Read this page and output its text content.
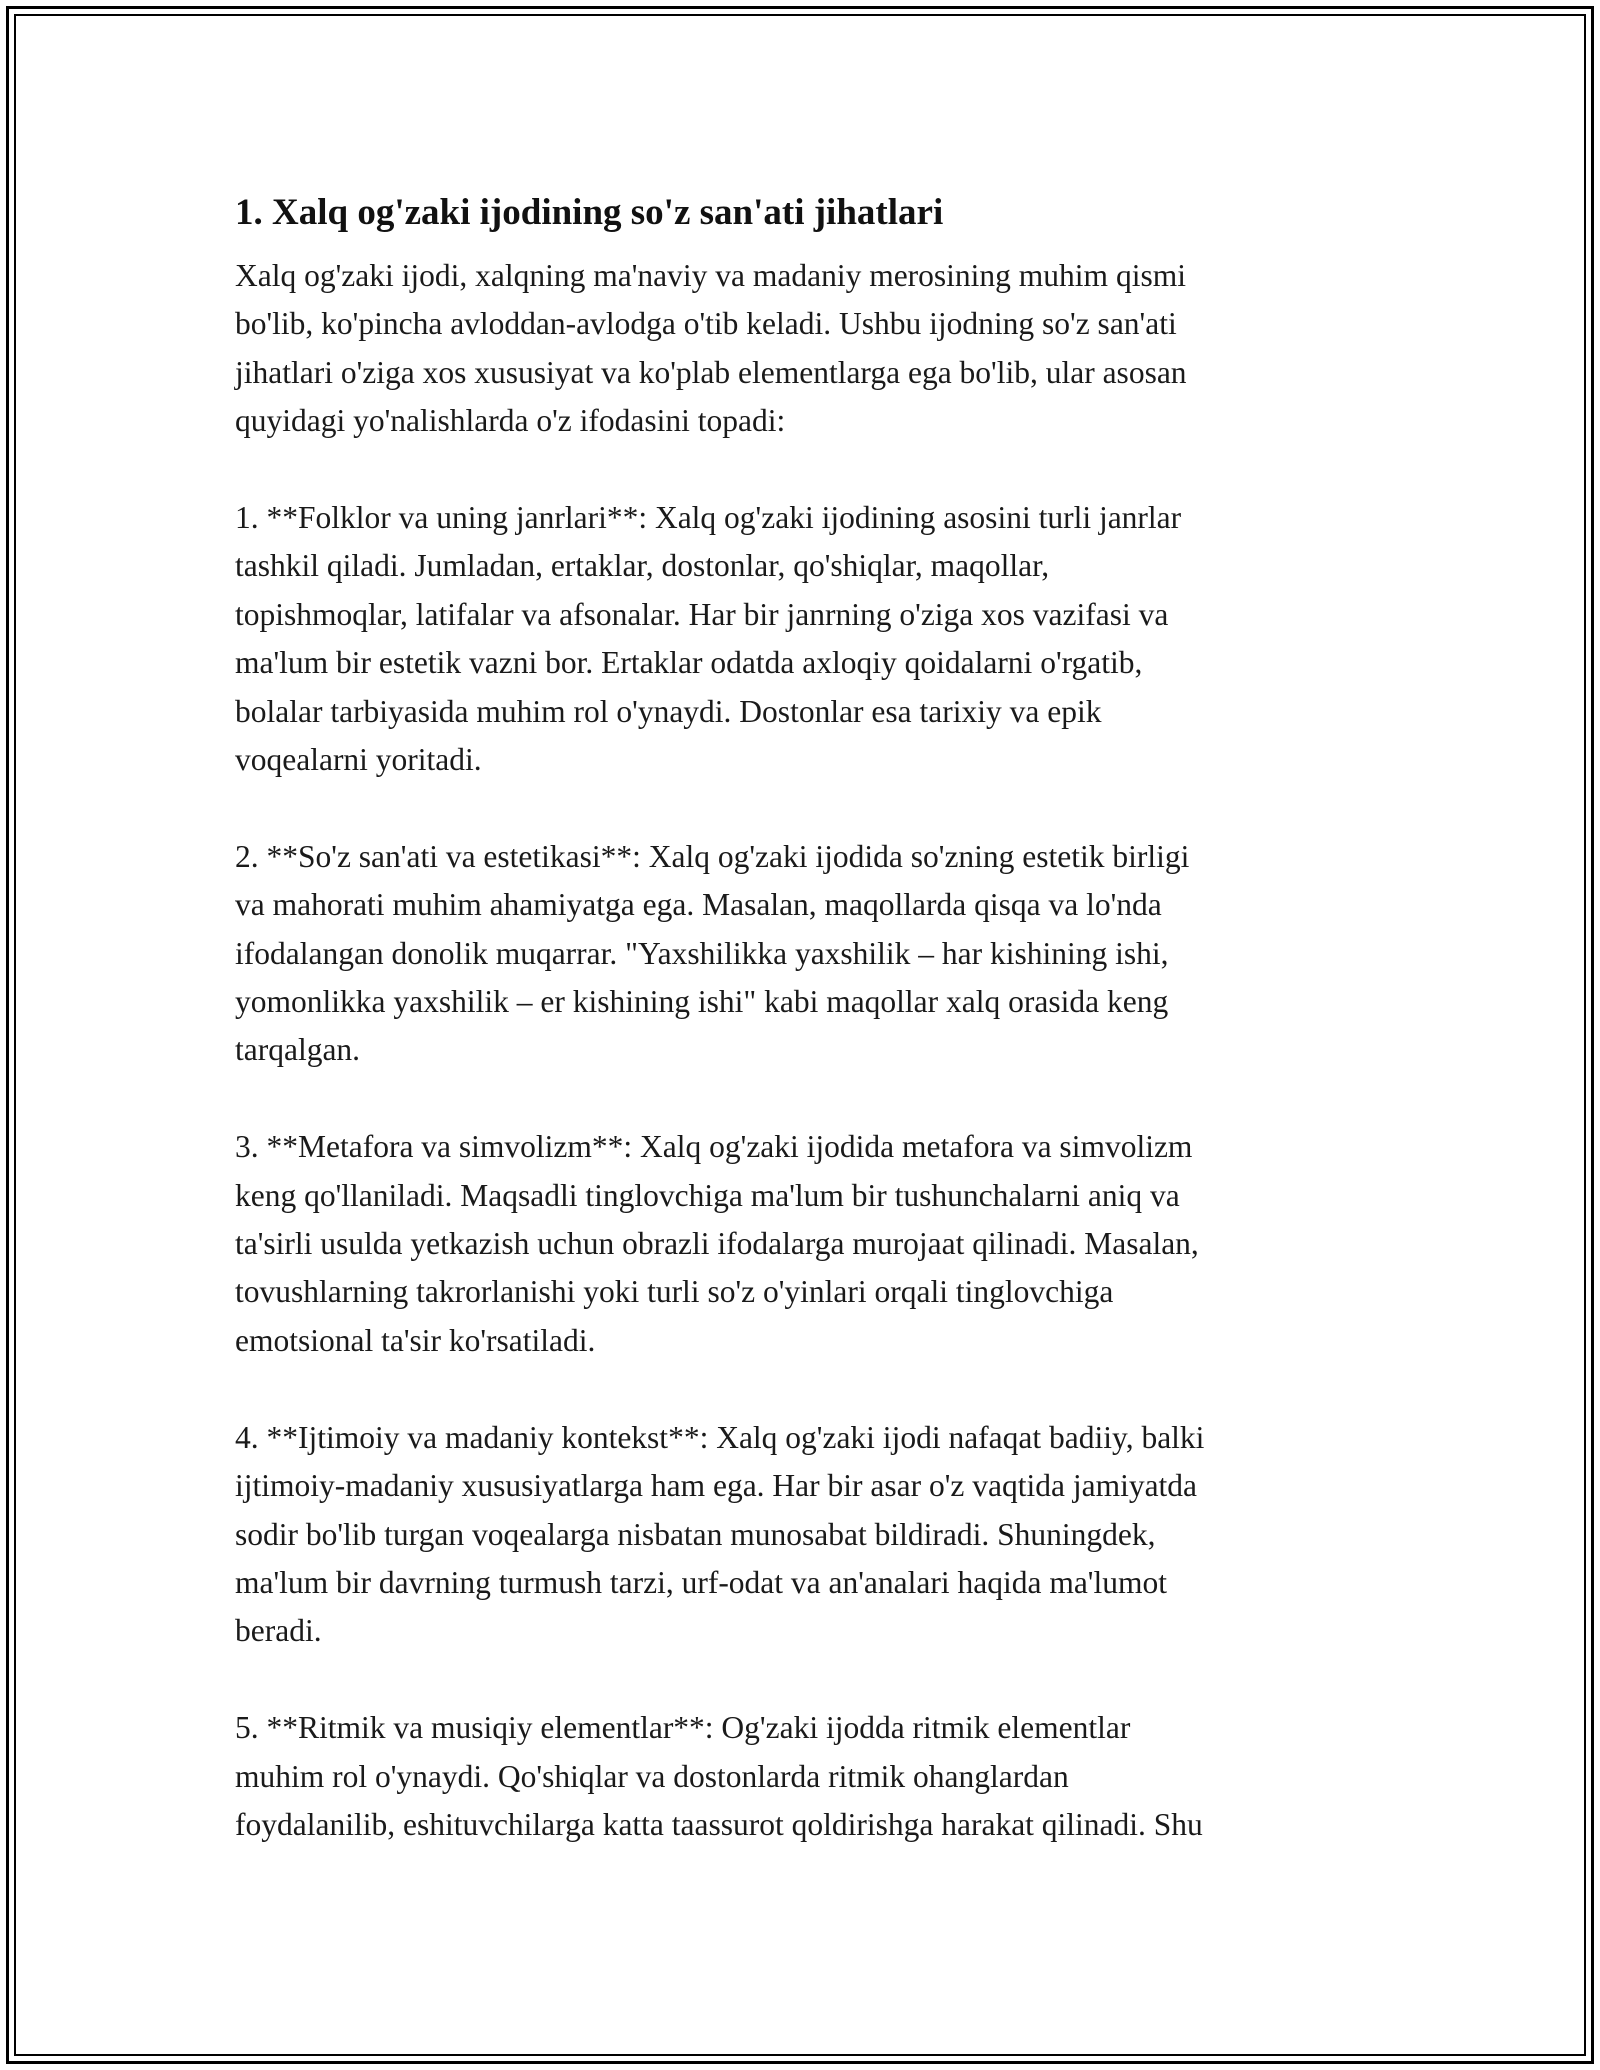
1. Xalq og'zaki ijodining so'z san'ati jihatlari
Xalq og'zaki ijodi, xalqning ma'naviy va madaniy merosining muhim qismi
bo'lib, ko'pincha avloddan-avlodga o'tib keladi. Ushbu ijodning so'z san'ati
jihatlari o'ziga xos xususiyat va ko'plab elementlarga ega bo'lib, ular asosan
quyidagi yo'nalishlarda o'z ifodasini topadi:
1. **Folklor va uning janrlari**: Xalq og'zaki ijodining asosini turli janrlar
tashkil qiladi. Jumladan, ertaklar, dostonlar, qo'shiqlar, maqollar,
topishmoqlar, latifalar va afsonalar. Har bir janrning o'ziga xos vazifasi va
ma'lum bir estetik vazni bor. Ertaklar odatda axloqiy qoidalarni o'rgatib,
bolalar tarbiyasida muhim rol o'ynaydi. Dostonlar esa tarixiy va epik
voqealarni yoritadi.
2. **So'z san'ati va estetikasi**: Xalq og'zaki ijodida so'zning estetik birligi
va mahorati muhim ahamiyatga ega. Masalan, maqollarda qisqa va lo'nda
ifodalangan donolik muqarrar. "Yaxshilikka yaxshilik – har kishining ishi,
yomonlikka yaxshilik – er kishining ishi" kabi maqollar xalq orasida keng
tarqalgan.
3. **Metafora va simvolizm**: Xalq og'zaki ijodida metafora va simvolizm
keng qo'llaniladi. Maqsadli tinglovchiga ma'lum bir tushunchalarni aniq va
ta'sirli usulda yetkazish uchun obrazli ifodalarga murojaat qilinadi. Masalan,
tovushlarning takrorlanishi yoki turli so'z o'yinlari orqali tinglovchiga
emotsional ta'sir ko'rsatiladi.
4. **Ijtimoiy va madaniy kontekst**: Xalq og'zaki ijodi nafaqat badiiy, balki
ijtimoiy-madaniy xususiyatlarga ham ega. Har bir asar o'z vaqtida jamiyatda
sodir bo'lib turgan voqealarga nisbatan munosabat bildiradi. Shuningdek,
ma'lum bir davrning turmush tarzi, urf-odat va an'analari haqida ma'lumot
beradi.
5. **Ritmik va musiqiy elementlar**: Og'zaki ijodda ritmik elementlar
muhim rol o'ynaydi. Qo'shiqlar va dostonlarda ritmik ohanglardan
foydalanilib, eshituvchilarga katta taassurot qoldirishga harakat qilinadi. Shu
